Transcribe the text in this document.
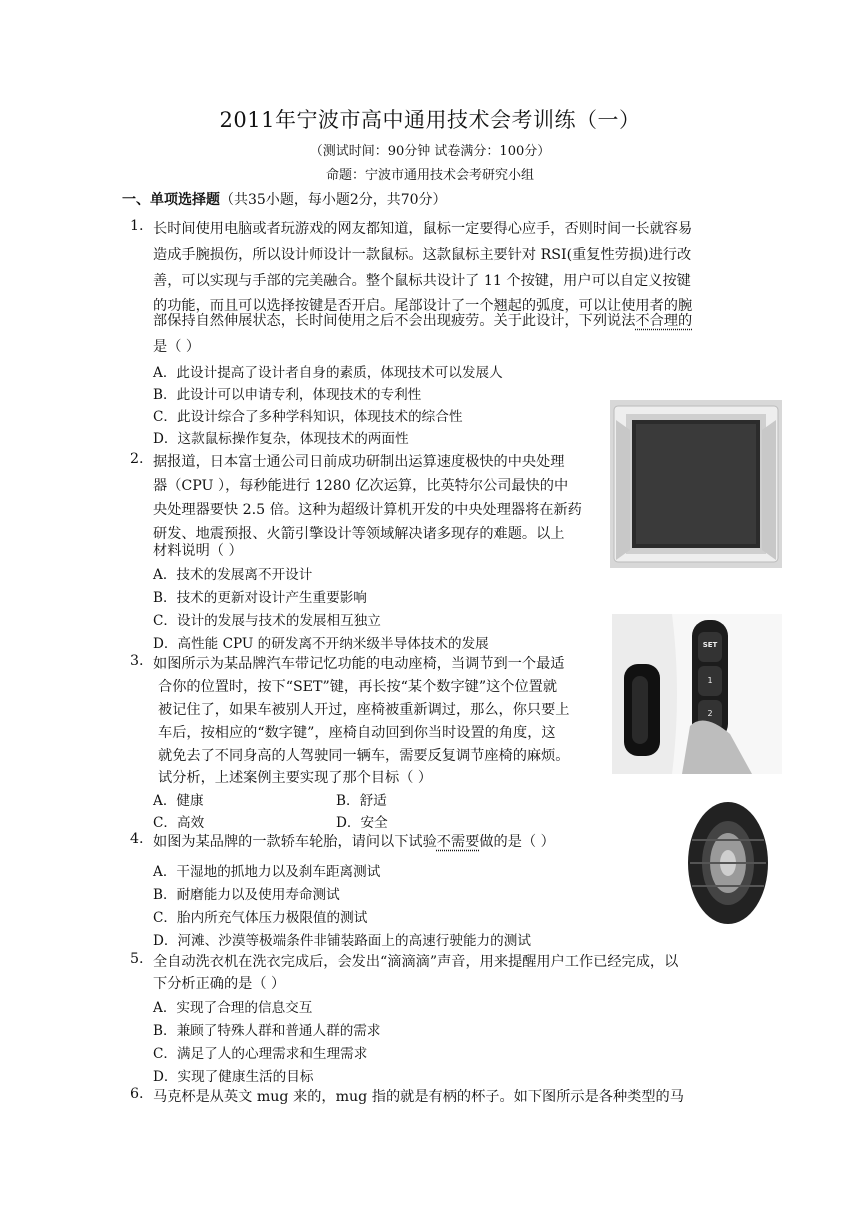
2011年宁波市高中通用技术会考训练（一）
（测试时间：90分钟 试卷满分：100分）
命题：宁波市通用技术会考研究小组
一、单项选择题（共35小题，每小题2分，共70分）
1. 长时间使用电脑或者玩游戏的网友都知道，鼠标一定要得心应手，否则时间一长就容易
造成手腕损伤，所以设计师设计一款鼠标。这款鼠标主要针对 RSI(重复性劳损)进行改
善，可以实现与手部的完美融合。整个鼠标共设计了 11 个按键，用户可以自定义按键
的功能，而且可以选择按键是否开启。尾部设计了一个翘起的弧度，可以让使用者的腕
部保持自然伸展状态，长时间使用之后不会出现疲劳。关于此设计，下列说法不合理的
是（ ）
A．此设计提高了设计者自身的素质，体现技术可以发展人
B．此设计可以申请专利，体现技术的专利性
C．此设计综合了多种学科知识，体现技术的综合性
D．这款鼠标操作复杂，体现技术的两面性
2. 据报道，日本富士通公司日前成功研制出运算速度极快的中央处理
器（CPU ），每秒能进行 1280 亿次运算，比英特尔公司最快的中
央处理器要快 2.5 倍。这种为超级计算机开发的中央处理器将在新药
研发、地震预报、火箭引擎设计等领域解决诸多现存的难题。以上
材料说明（ ）
A．技术的发展离不开设计
B．技术的更新对设计产生重要影响
C．设计的发展与技术的发展相互独立
D．高性能 CPU 的研发离不开纳米级半导体技术的发展	SET
1
2
3. 如图所示为某品牌汽车带记忆功能的电动座椅，当调节到一个最适
合你的位置时，按下“SET”键，再长按“某个数字键”这个位置就
被记住了，如果车被别人开过，座椅被重新调过，那么，你只要上
车后，按相应的“数字键”，座椅自动回到你当时设置的角度，这
就免去了不同身高的人驾驶同一辆车，需要反复调节座椅的麻烦。
试分析，上述案例主要实现了那个目标（ ）
A．健康	B．舒适
C．高效	D．安全
4. 如图为某品牌的一款轿车轮胎，请问以下试验不需要做的是（ ）
A．干湿地的抓地力以及刹车距离测试
B．耐磨能力以及使用寿命测试
C．胎内所充气体压力极限值的测试
D．河滩、沙漠等极端条件非铺装路面上的高速行驶能力的测试
5. 全自动洗衣机在洗衣完成后，会发出“滴滴滴”声音，用来提醒用户工作已经完成，以
下分析正确的是（ ）
A．实现了合理的信息交互
B．兼顾了特殊人群和普通人群的需求
C．满足了人的心理需求和生理需求
D．实现了健康生活的目标
6. 马克杯是从英文 mug 来的，mug 指的就是有柄的杯子。如下图所示是各种类型的马
